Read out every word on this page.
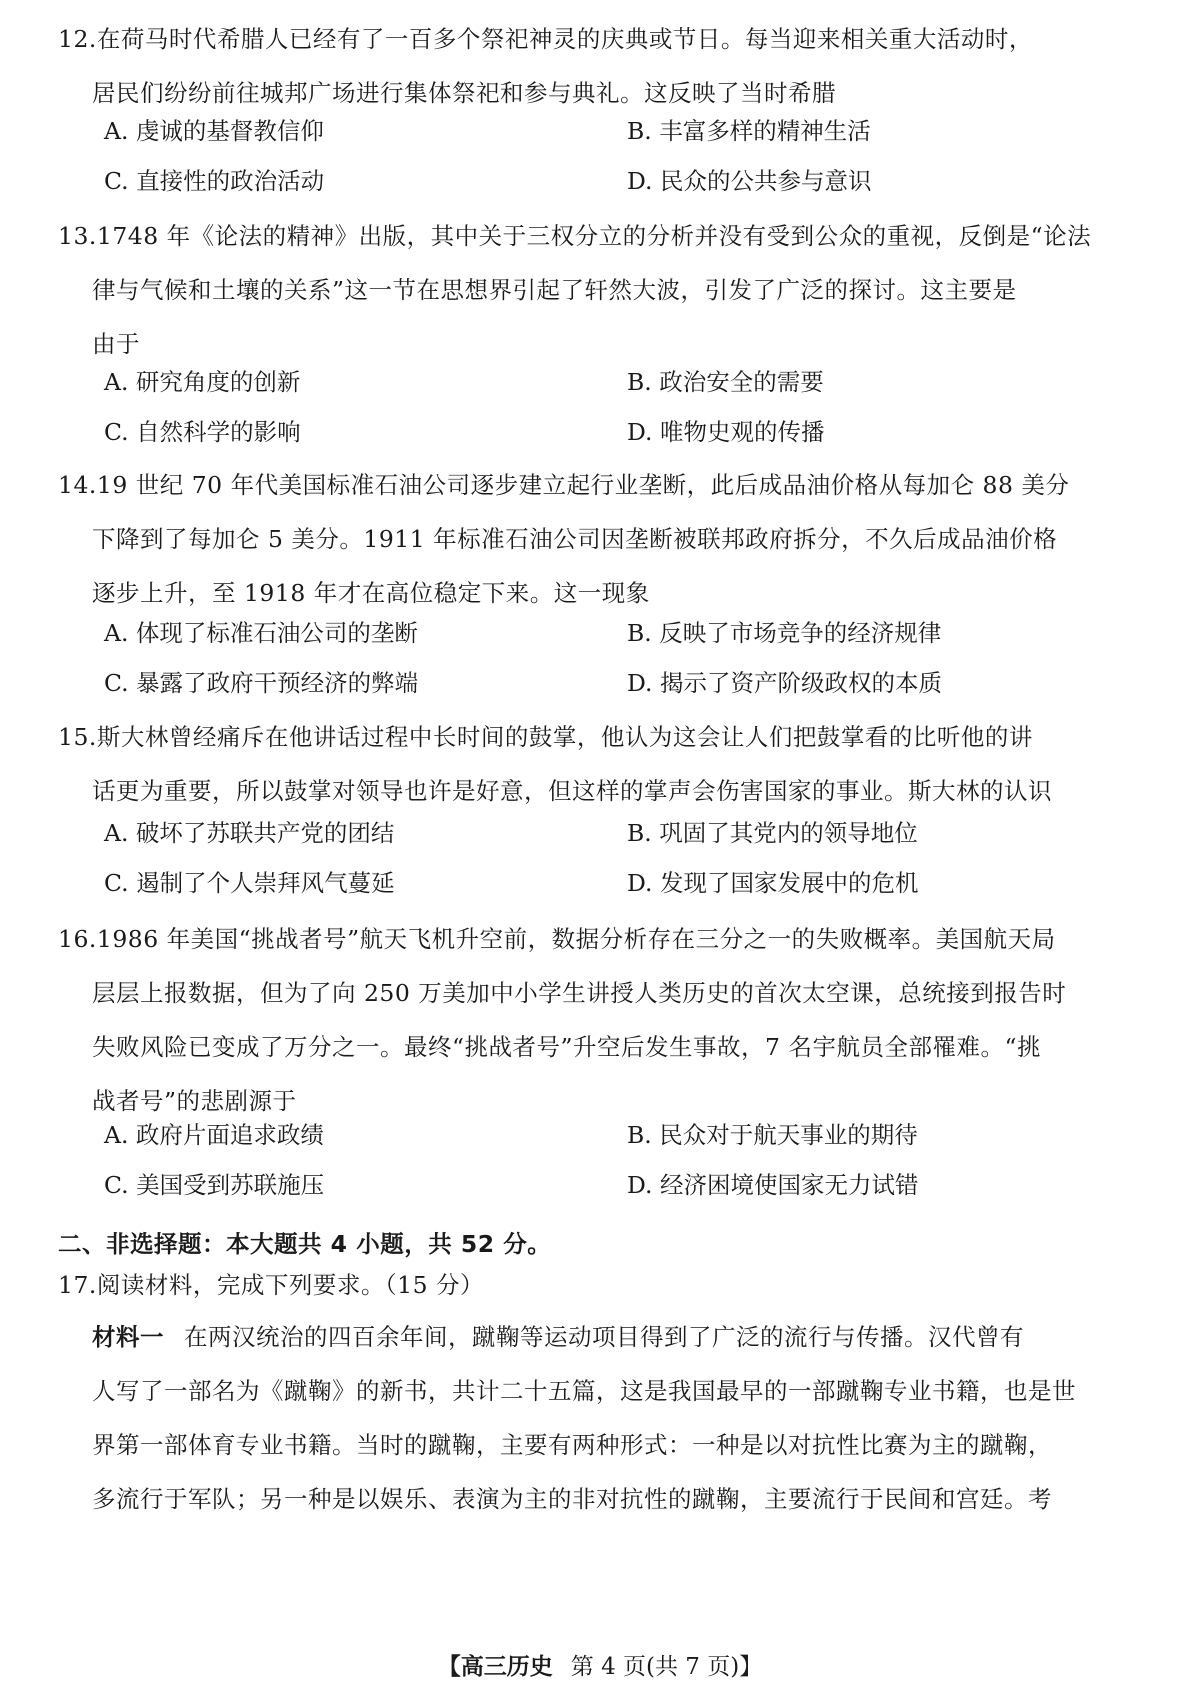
12.在荷马时代希腊人已经有了一百多个祭祀神灵的庆典或节日。每当迎来相关重大活动时，
居民们纷纷前往城邦广场进行集体祭祀和参与典礼。这反映了当时希腊
A. 虔诚的基督教信仰	B. 丰富多样的精神生活
C. 直接性的政治活动	D. 民众的公共参与意识
13.1748 年《论法的精神》出版，其中关于三权分立的分析并没有受到公众的重视，反倒是“论法
律与气候和土壤的关系”这一节在思想界引起了轩然大波，引发了广泛的探讨。这主要是
由于
A. 研究角度的创新	B. 政治安全的需要
C. 自然科学的影响	D. 唯物史观的传播
14.19 世纪 70 年代美国标准石油公司逐步建立起行业垄断，此后成品油价格从每加仑 88 美分
下降到了每加仑 5 美分。1911 年标准石油公司因垄断被联邦政府拆分，不久后成品油价格
逐步上升，至 1918 年才在高位稳定下来。这一现象
A. 体现了标准石油公司的垄断	B. 反映了市场竞争的经济规律
C. 暴露了政府干预经济的弊端	D. 揭示了资产阶级政权的本质
15.斯大林曾经痛斥在他讲话过程中长时间的鼓掌，他认为这会让人们把鼓掌看的比听他的讲
话更为重要，所以鼓掌对领导也许是好意，但这样的掌声会伤害国家的事业。斯大林的认识
A. 破坏了苏联共产党的团结	B. 巩固了其党内的领导地位
C. 遏制了个人崇拜风气蔓延	D. 发现了国家发展中的危机
16.1986 年美国“挑战者号”航天飞机升空前，数据分析存在三分之一的失败概率。美国航天局
层层上报数据，但为了向 250 万美加中小学生讲授人类历史的首次太空课，总统接到报告时
失败风险已变成了万分之一。最终“挑战者号”升空后发生事故，7 名宇航员全部罹难。“挑
战者号”的悲剧源于
A. 政府片面追求政绩	B. 民众对于航天事业的期待
C. 美国受到苏联施压	D. 经济困境使国家无力试错
二、非选择题：本大题共 4 小题，共 52 分。
17.阅读材料，完成下列要求。（15 分）
材料一 在两汉统治的四百余年间，蹴鞠等运动项目得到了广泛的流行与传播。汉代曾有
人写了一部名为《蹴鞠》的新书，共计二十五篇，这是我国最早的一部蹴鞠专业书籍，也是世
界第一部体育专业书籍。当时的蹴鞠，主要有两种形式：一种是以对抗性比赛为主的蹴鞠，
多流行于军队；另一种是以娱乐、表演为主的非对抗性的蹴鞠，主要流行于民间和宫廷。考
【高三历史 第 4 页(共 7 页)】
